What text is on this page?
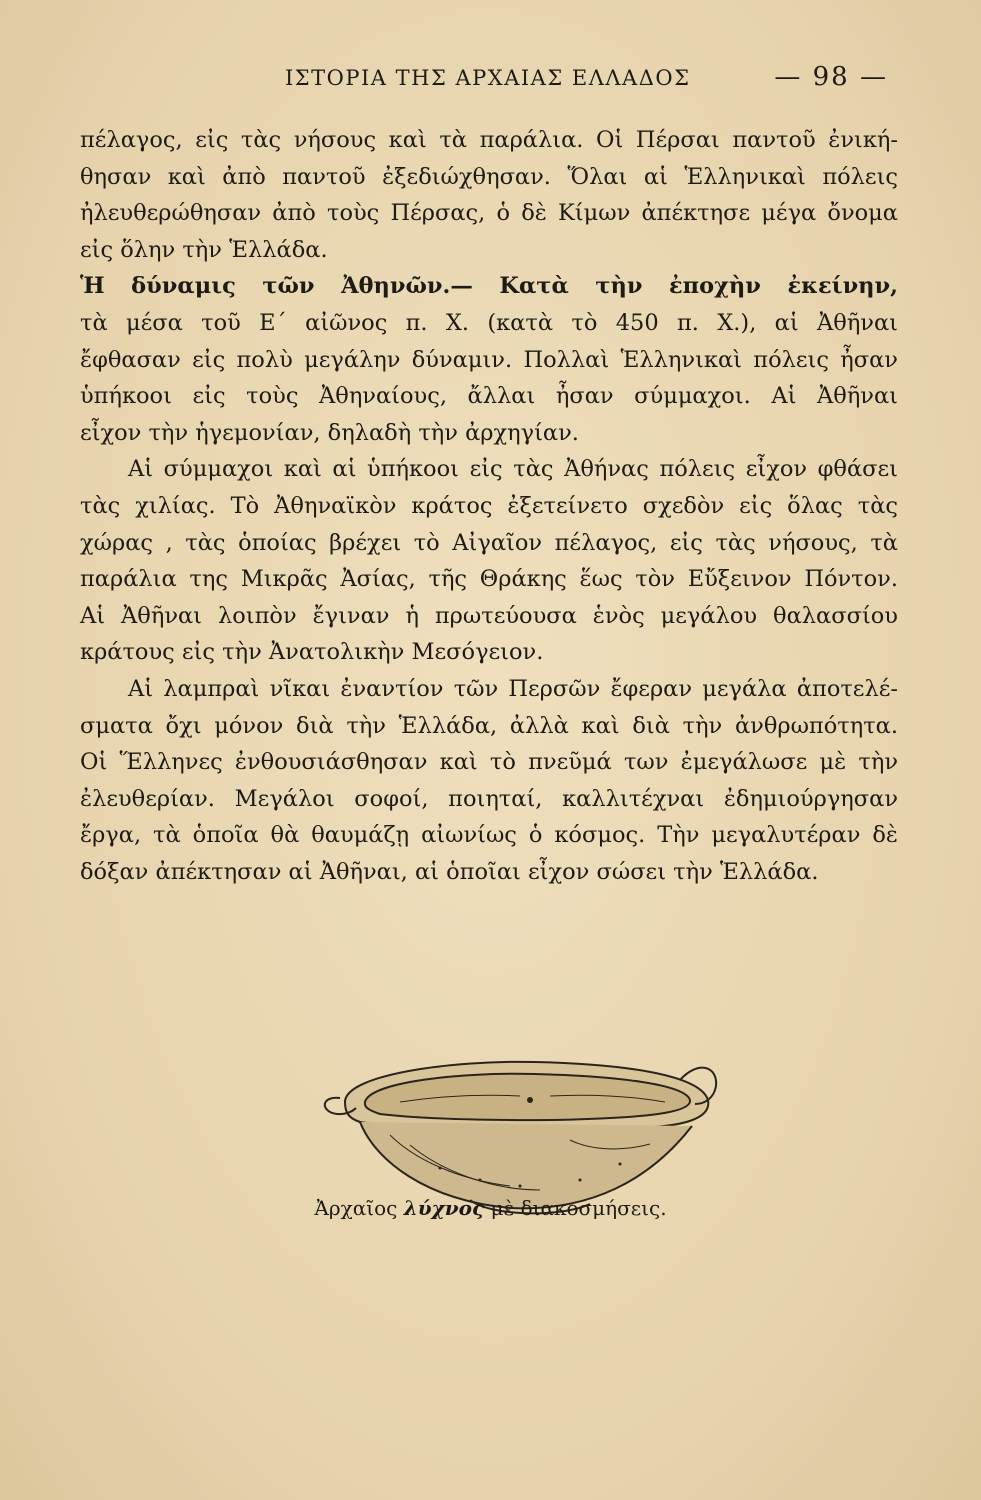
ΙΣΤΟΡΙΑ ΤΗΣ ΑΡΧΑΙΑΣ ΕΛΛΑΔΟΣ	— 98 —
πέλαγος, εἰς τὰς νήσους καὶ τὰ παράλια. Οἱ Πέρσαι παντοῦ ἐνική-
θησαν καὶ ἀπὸ παντοῦ ἐξεδιώχθησαν. Ὅλαι αἱ Ἑλληνικαὶ πόλεις
ἠλευθερώθησαν ἀπὸ τοὺς Πέρσας, ὁ δὲ Κίμων ἀπέκτησε μέγα ὄνομα
εἰς ὅλην τὴν Ἑλλάδα.
Ἡ δύναμις τῶν Ἀθηνῶν.— Κατὰ τὴν ἐποχὴν ἐκείνην,
τὰ μέσα τοῦ Ε΄ αἰῶνος π. Χ. (κατὰ τὸ 450 π. Χ.), αἱ Ἀθῆναι
ἔφθασαν εἰς πολὺ μεγάλην δύναμιν. Πολλαὶ Ἑλληνικαὶ πόλεις ἦσαν
ὑπήκοοι εἰς τοὺς Ἀθηναίους, ἄλλαι ἦσαν σύμμαχοι. Αἱ Ἀθῆναι
εἶχον τὴν ἡγεμονίαν, δηλαδὴ τὴν ἀρχηγίαν.
Αἱ σύμμαχοι καὶ αἱ ὑπήκοοι εἰς τὰς Ἀθήνας πόλεις εἶχον φθάσει
τὰς χιλίας. Τὸ Ἀθηναϊκὸν κράτος ἐξετείνετο σχεδὸν εἰς ὅλας τὰς
χώρας , τὰς ὁποίας βρέχει τὸ Αἰγαῖον πέλαγος, εἰς τὰς νήσους, τὰ
παράλια της Μικρᾶς Ἀσίας, τῆς Θράκης ἕως τὸν Εὔξεινον Πόντον.
Αἱ Ἀθῆναι λοιπὸν ἔγιναν ἡ πρωτεύουσα ἑνὸς μεγάλου θαλασσίου
κράτους εἰς τὴν Ἀνατολικὴν Μεσόγειον.
Αἱ λαμπραὶ νῖκαι ἐναντίον τῶν Περσῶν ἔφεραν μεγάλα ἀποτελέ-
σματα ὄχι μόνον διὰ τὴν Ἑλλάδα, ἀλλὰ καὶ διὰ τὴν ἀνθρωπότητα.
Οἱ Ἕλληνες ἐνθουσιάσθησαν καὶ τὸ πνεῦμά των ἐμεγάλωσε μὲ τὴν
ἐλευθερίαν. Μεγάλοι σοφοί, ποιηταί, καλλιτέχναι ἐδημιούργησαν
ἔργα, τὰ ὁποῖα θὰ θαυμάζῃ αἰωνίως ὁ κόσμος. Τὴν μεγαλυτέραν δὲ
δόξαν ἀπέκτησαν αἱ Ἀθῆναι, αἱ ὁποῖαι εἶχον σώσει τὴν Ἑλλάδα.
Ἀρχαῖος λύχνος μὲ διακοσμήσεις.
